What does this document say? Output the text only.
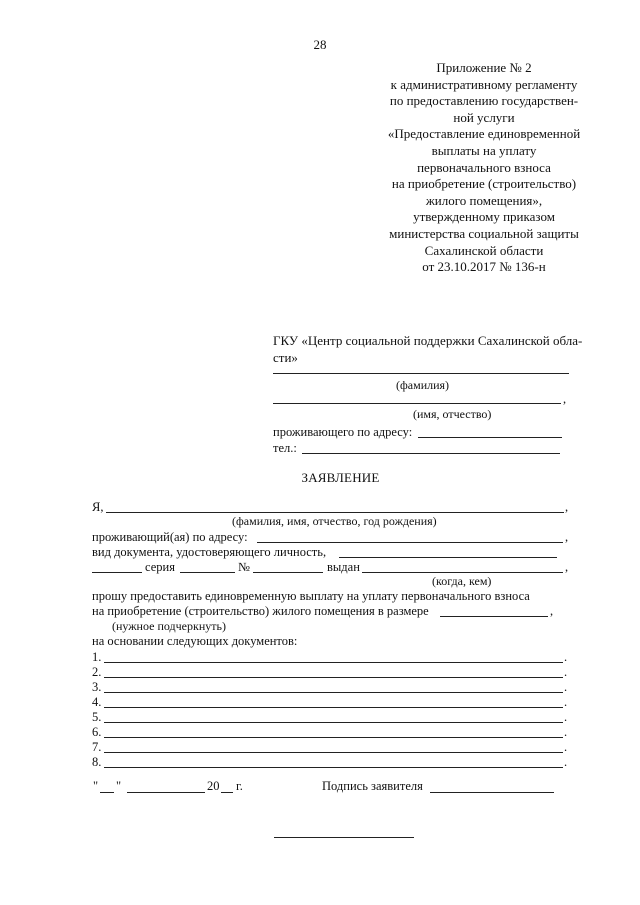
28
Приложение № 2
к административному регламенту
по предоставлению государствен-
ной услуги
«Предоставление единовременной
выплаты на уплату
первоначального взноса
на приобретение (строительство)
жилого помещения»,
утвержденному приказом
министерства социальной защиты
Сахалинской области
от 23.10.2017 № 136-н
ГКУ «Центр социальной поддержки Сахалинской обла-
сти»
(фамилия)
,
(имя, отчество)
проживающего по адресу:
тел.:
ЗАЯВЛЕНИЕ
Я,	,
(фамилия, имя, отчество, год рождения)
проживающий(ая) по адресу:	,
вид документа, удостоверяющего личность,
серия	№	выдан	,
(когда, кем)
прошу предоставить единовременную выплату на уплату первоначального взноса
на приобретение (строительство) жилого помещения в размере	,
(нужное подчеркнуть)
на основании следующих документов:
1.	.
2.	.
3.	.
4.	.
5.	.
6.	.
7.	.
8.	.
" "	20 г.	Подпись заявителя
